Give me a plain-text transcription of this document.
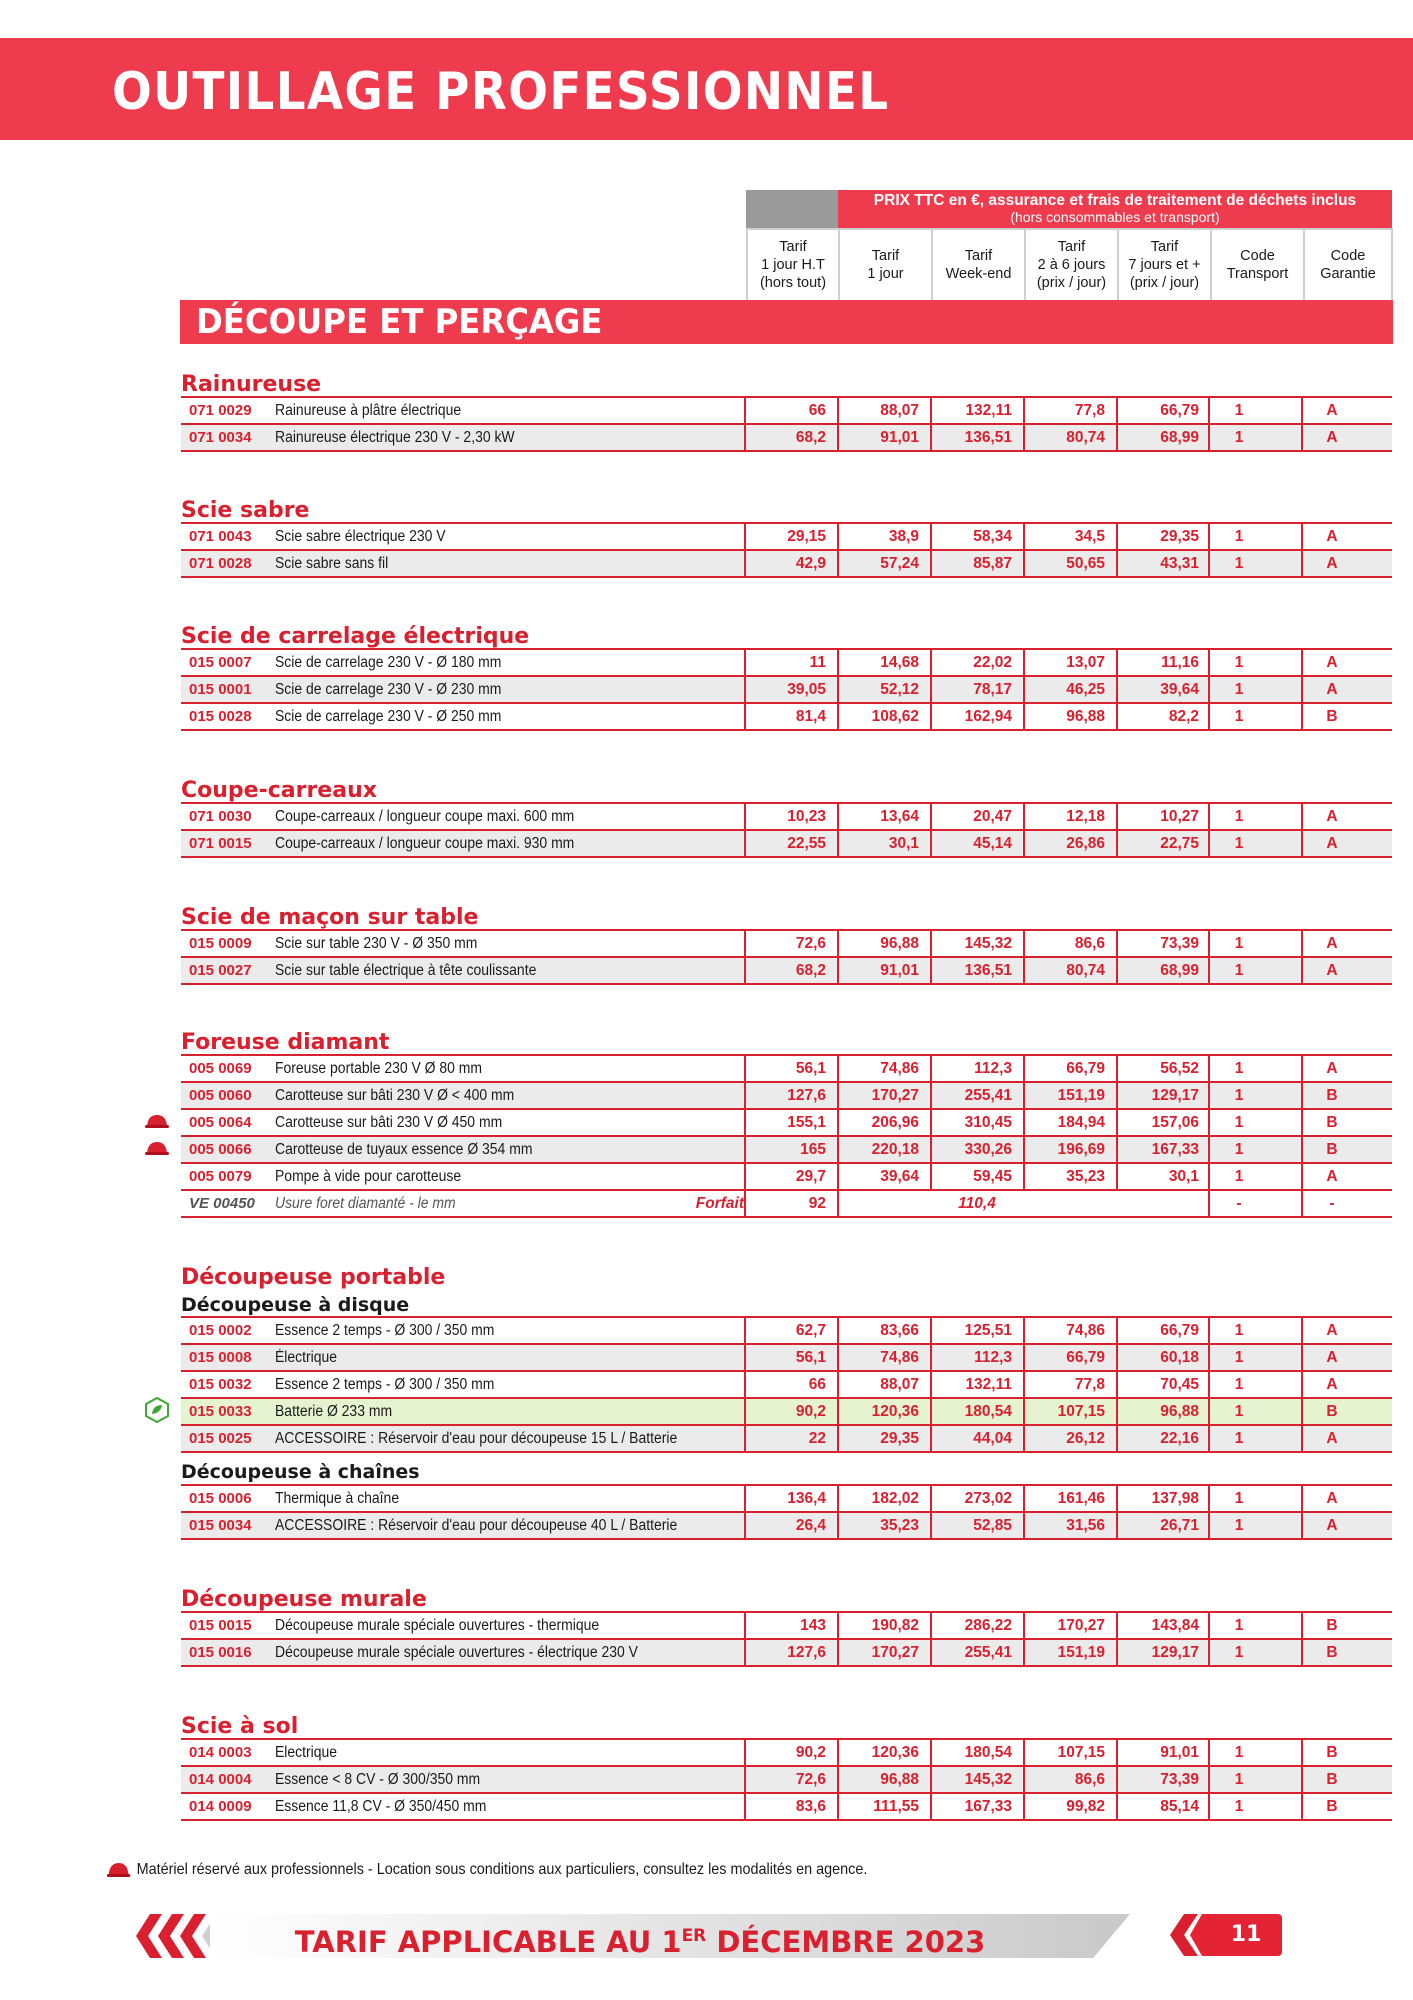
OUTILLAGE PROFESSIONNEL
PRIX TTC en €, assurance et frais de traitement de déchets inclus
(hors consommables et transport)
Tarif
1 jour H.T
(hors tout)
Tarif
1 jour
Tarif
Week-end
Tarif
2 à 6 jours
(prix / jour)
Tarif
7 jours et +
(prix / jour)
Code
Transport
Code
Garantie
DÉCOUPE ET PERÇAGE
Rainureuse
071 0029 Rainureuse à plâtre électrique	66	88,07	132,11	77,8	66,79	1	A
071 0034 Rainureuse électrique 230 V - 2,30 kW	68,2	91,01	136,51	80,74	68,99	1	A
Scie sabre
071 0043 Scie sabre électrique 230 V	29,15	38,9	58,34	34,5	29,35	1	A
071 0028 Scie sabre sans fil	42,9	57,24	85,87	50,65	43,31	1	A
Scie de carrelage électrique
015 0007 Scie de carrelage 230 V - Ø 180 mm	11	14,68	22,02	13,07	11,16	1	A
015 0001 Scie de carrelage 230 V - Ø 230 mm	39,05	52,12	78,17	46,25	39,64	1	A
015 0028 Scie de carrelage 230 V - Ø 250 mm	81,4	108,62	162,94	96,88	82,2	1	B
Coupe-carreaux
071 0030 Coupe-carreaux / longueur coupe maxi. 600 mm	10,23	13,64	20,47	12,18	10,27	1	A
071 0015 Coupe-carreaux / longueur coupe maxi. 930 mm	22,55	30,1	45,14	26,86	22,75	1	A
Scie de maçon sur table
015 0009 Scie sur table 230 V - Ø 350 mm	72,6	96,88	145,32	86,6	73,39	1	A
015 0027 Scie sur table électrique à tête coulissante	68,2	91,01	136,51	80,74	68,99	1	A
Foreuse diamant
005 0069 Foreuse portable 230 V Ø 80 mm	56,1	74,86	112,3	66,79	56,52	1	A
005 0060 Carotteuse sur bâti 230 V Ø < 400 mm	127,6	170,27	255,41	151,19	129,17	1	B
005 0064 Carotteuse sur bâti 230 V Ø 450 mm	155,1	206,96	310,45	184,94	157,06	1	B
005 0066 Carotteuse de tuyaux essence Ø 354 mm	165	220,18	330,26	196,69	167,33	1	B
005 0079 Pompe à vide pour carotteuse	29,7	39,64	59,45	35,23	30,1	1	A
VE 00450 Usure foret diamanté - le mm	Forfait	92	110,4	-	-
Découpeuse portable
Découpeuse à disque
015 0002 Essence 2 temps - Ø 300 / 350 mm	62,7	83,66	125,51	74,86	66,79	1	A
015 0008 Électrique	56,1	74,86	112,3	66,79	60,18	1	A
015 0032 Essence 2 temps - Ø 300 / 350 mm	66	88,07	132,11	77,8	70,45	1	A
015 0033 Batterie Ø 233 mm	90,2	120,36	180,54	107,15	96,88	1	B
015 0025 ACCESSOIRE : Réservoir d'eau pour découpeuse 15 L / Batterie	22	29,35	44,04	26,12	22,16	1	A
Découpeuse à chaînes
015 0006 Thermique à chaîne	136,4	182,02	273,02	161,46	137,98	1	A
015 0034 ACCESSOIRE : Réservoir d'eau pour découpeuse 40 L / Batterie	26,4	35,23	52,85	31,56	26,71	1	A
Découpeuse murale
015 0015 Découpeuse murale spéciale ouvertures - thermique	143	190,82	286,22	170,27	143,84	1	B
015 0016 Découpeuse murale spéciale ouvertures - électrique 230 V	127,6	170,27	255,41	151,19	129,17	1	B
Scie à sol
014 0003 Electrique	90,2	120,36	180,54	107,15	91,01	1	B
014 0004 Essence < 8 CV - Ø 300/350 mm	72,6	96,88	145,32	86,6	73,39	1	B
014 0009 Essence 11,8 CV - Ø 350/450 mm	83,6	111,55	167,33	99,82	85,14	1	B
Matériel réservé aux professionnels - Location sous conditions aux particuliers, consultez les modalités en agence.
TARIF APPLICABLE AU 1ER DÉCEMBRE 2023	11
